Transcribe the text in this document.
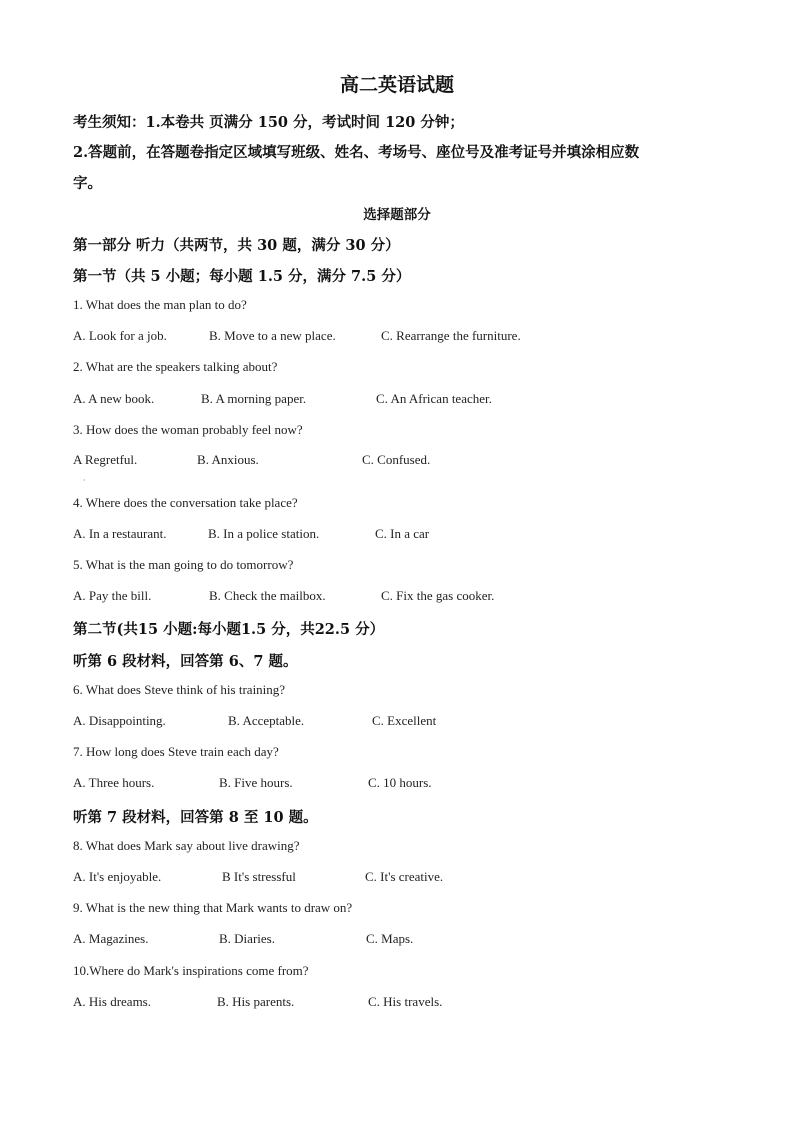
高二英语试题
考生须知：1.本卷共 页满分 150 分，考试时间 120 分钟；
2.答题前，在答题卷指定区域填写班级、姓名、考场号、座位号及准考证号并填涂相应数
字。
选择题部分
第一部分 听力（共两节，共 30 题，满分 30 分）
第一节（共 5 小题；每小题 1.5 分，满分 7.5 分）
1. What does the man plan to do?
A. Look for a job.	B. Move to a new place.	C. Rearrange the furniture.
2. What are the speakers talking about?
A. A new book.	B. A morning paper.	C. An African teacher.
3. How does the woman probably feel now?
A Regretful.	B. Anxious.	C. Confused.
·
4. Where does the conversation take place?
A. In a restaurant.	B. In a police station.	C. In a car
5. What is the man going to do tomorrow?
A. Pay the bill.	B. Check the mailbox.	C. Fix the gas cooker.
第二节(共15 小题:每小题1.5 分，共22.5 分）
听第 6 段材料，回答第 6、7 题。
6. What does Steve think of his training?
A. Disappointing.	B. Acceptable.	C. Excellent
7. How long does Steve train each day?
A. Three hours.	B. Five hours.	C. 10 hours.
听第 7 段材料，回答第 8 至 10 题。
8. What does Mark say about live drawing?
A. It's enjoyable.	B It's stressful	C. It's creative.
9. What is the new thing that Mark wants to draw on?
A. Magazines.	B. Diaries.	C. Maps.
10.Where do Mark's inspirations come from?
A. His dreams.	B. His parents.	C. His travels.
